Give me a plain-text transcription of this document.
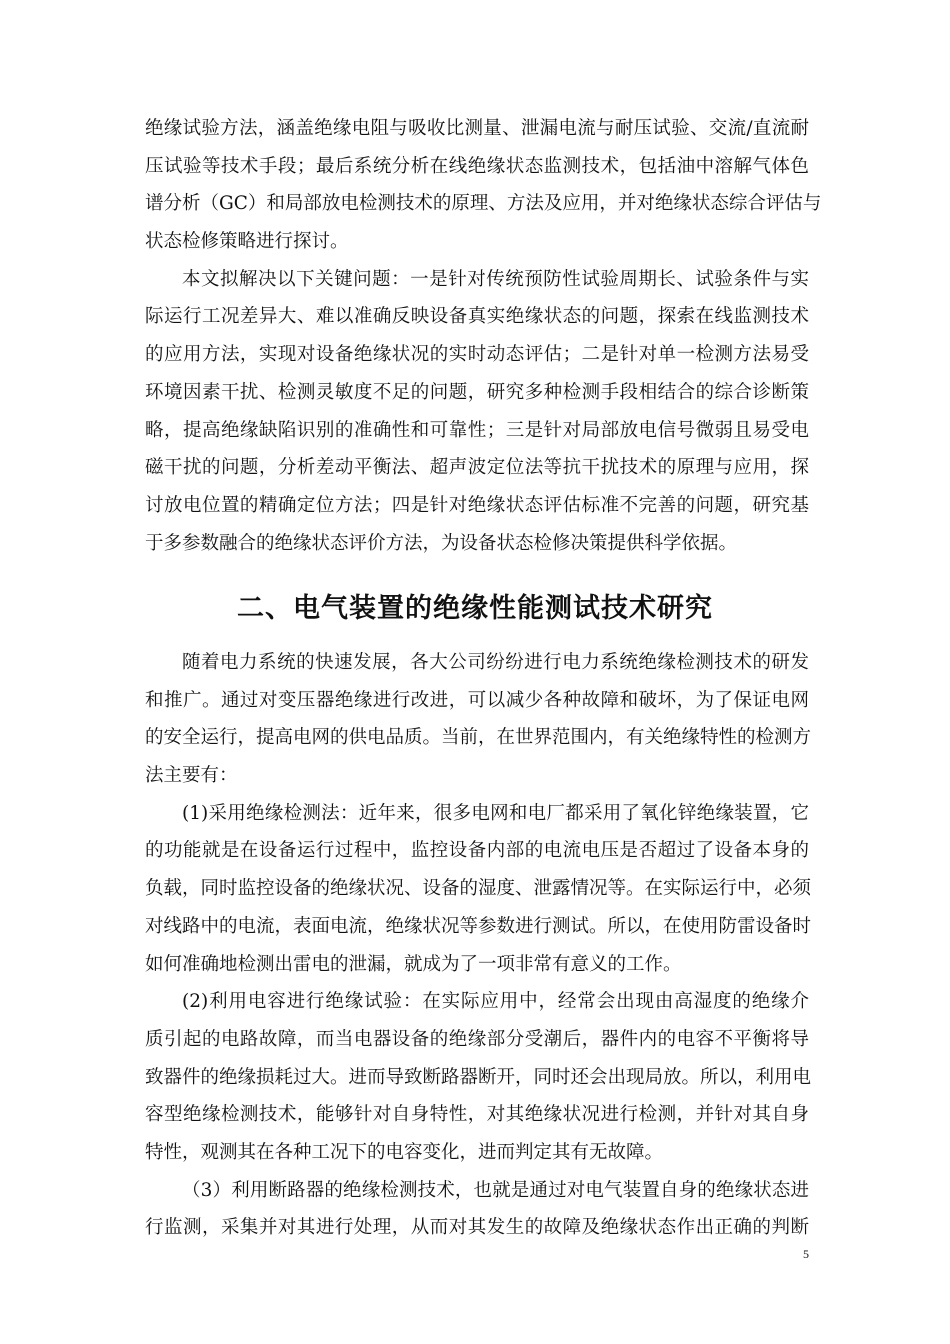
绝缘试验方法，涵盖绝缘电阻与吸收比测量、泄漏电流与耐压试验、交流/直流耐
压试验等技术手段；最后系统分析在线绝缘状态监测技术，包括油中溶解气体色
谱分析（GC）和局部放电检测技术的原理、方法及应用，并对绝缘状态综合评估与
状态检修策略进行探讨。
本文拟解决以下关键问题：一是针对传统预防性试验周期长、试验条件与实
际运行工况差异大、难以准确反映设备真实绝缘状态的问题，探索在线监测技术
的应用方法，实现对设备绝缘状况的实时动态评估；二是针对单一检测方法易受
环境因素干扰、检测灵敏度不足的问题，研究多种检测手段相结合的综合诊断策
略，提高绝缘缺陷识别的准确性和可靠性；三是针对局部放电信号微弱且易受电
磁干扰的问题，分析差动平衡法、超声波定位法等抗干扰技术的原理与应用，探
讨放电位置的精确定位方法；四是针对绝缘状态评估标准不完善的问题，研究基
于多参数融合的绝缘状态评价方法，为设备状态检修决策提供科学依据。
二、电气装置的绝缘性能测试技术研究
随着电力系统的快速发展，各大公司纷纷进行电力系统绝缘检测技术的研发
和推广。通过对变压器绝缘进行改进，可以减少各种故障和破坏，为了保证电网
的安全运行，提高电网的供电品质。当前，在世界范围内，有关绝缘特性的检测方
法主要有：
(1)采用绝缘检测法：近年来，很多电网和电厂都采用了氧化锌绝缘装置，它
的功能就是在设备运行过程中，监控设备内部的电流电压是否超过了设备本身的
负载，同时监控设备的绝缘状况、设备的湿度、泄露情况等。在实际运行中，必须
对线路中的电流，表面电流，绝缘状况等参数进行测试。所以，在使用防雷设备时
如何准确地检测出雷电的泄漏，就成为了一项非常有意义的工作。
(2)利用电容进行绝缘试验：在实际应用中，经常会出现由高湿度的绝缘介
质引起的电路故障，而当电器设备的绝缘部分受潮后，器件内的电容不平衡将导
致器件的绝缘损耗过大。进而导致断路器断开，同时还会出现局放。所以，利用电
容型绝缘检测技术，能够针对自身特性，对其绝缘状况进行检测，并针对其自身
特性，观测其在各种工况下的电容变化，进而判定其有无故障。
（3）利用断路器的绝缘检测技术，也就是通过对电气装置自身的绝缘状态进
行监测，采集并对其进行处理，从而对其发生的故障及绝缘状态作出正确的判断
5
